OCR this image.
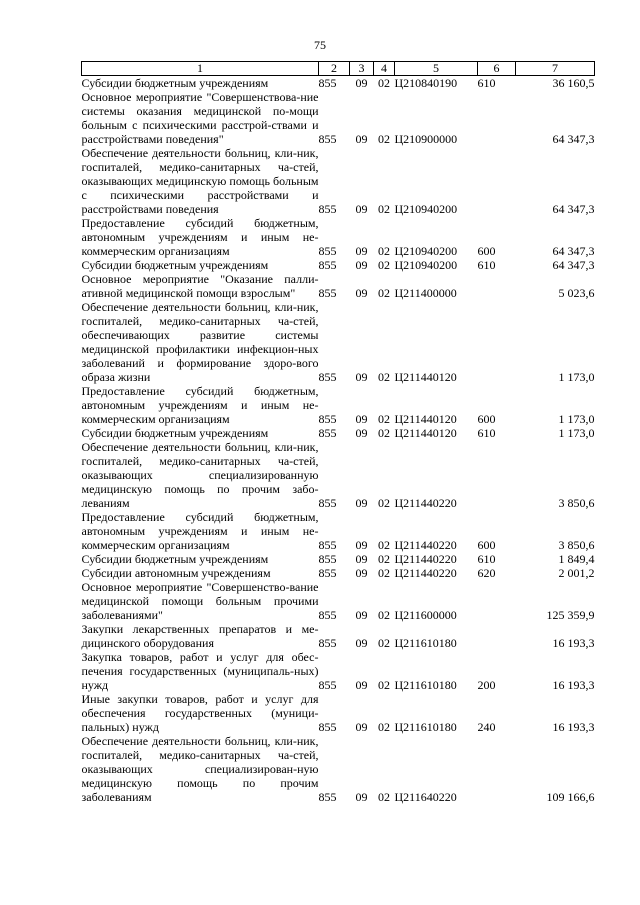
75
1	2	3	4	5	6	7
Субсидии бюджетным учреждениям	855	09	02	Ц210840190	610	36 160,5
Основное мероприятие "Совершенствова-ние системы оказания медицинской по-мощи больным с психическими расстрой-ствами и расстройствами поведения"	855	09	02	Ц210900000		64 347,3
Обеспечение деятельности больниц, кли-ник, госпиталей, медико-санитарных ча-стей, оказывающих медицинскую помощь больным с психическими расстройствами и расстройствами поведения	855	09	02	Ц210940200		64 347,3
Предоставление субсидий бюджетным, автономным учреждениям и иным не-коммерческим организациям	855	09	02	Ц210940200	600	64 347,3
Субсидии бюджетным учреждениям	855	09	02	Ц210940200	610	64 347,3
Основное мероприятие "Оказание палли-ативной медицинской помощи взрослым"	855	09	02	Ц211400000		5 023,6
Обеспечение деятельности больниц, кли-ник, госпиталей, медико-санитарных ча-стей, обеспечивающих развитие системы медицинской профилактики инфекцион-ных заболеваний и формирование здоро-вого образа жизни	855	09	02	Ц211440120		1 173,0
Предоставление субсидий бюджетным, автономным учреждениям и иным не-коммерческим организациям	855	09	02	Ц211440120	600	1 173,0
Субсидии бюджетным учреждениям	855	09	02	Ц211440120	610	1 173,0
Обеспечение деятельности больниц, кли-ник, госпиталей, медико-санитарных ча-стей, оказывающих специализированную медицинскую помощь по прочим забо-леваниям	855	09	02	Ц211440220		3 850,6
Предоставление субсидий бюджетным, автономным учреждениям и иным не-коммерческим организациям	855	09	02	Ц211440220	600	3 850,6
Субсидии бюджетным учреждениям	855	09	02	Ц211440220	610	1 849,4
Субсидии автономным учреждениям	855	09	02	Ц211440220	620	2 001,2
Основное мероприятие "Совершенство-вание медицинской помощи больным прочими заболеваниями"	855	09	02	Ц211600000		125 359,9
Закупки лекарственных препаратов и ме-дицинского оборудования	855	09	02	Ц211610180		16 193,3
Закупка товаров, работ и услуг для обес-печения государственных (муниципаль-ных) нужд	855	09	02	Ц211610180	200	16 193,3
Иные закупки товаров, работ и услуг для обеспечения государственных (муници-пальных) нужд	855	09	02	Ц211610180	240	16 193,3
Обеспечение деятельности больниц, кли-ник, госпиталей, медико-санитарных ча-стей, оказывающих специализирован-ную медицинскую помощь по прочим заболеваниям	855	09	02	Ц211640220		109 166,6
